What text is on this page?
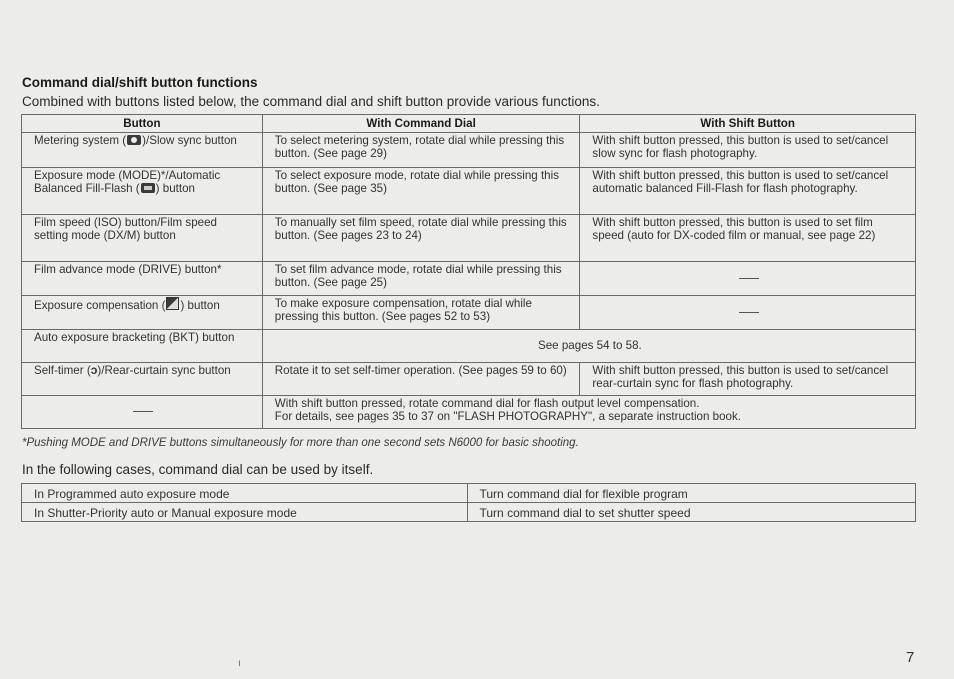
Command dial/shift button functions
Combined with buttons listed below, the command dial and shift button provide various functions.
Button	With Command Dial	With Shift Button
Metering system ( )/Slow sync button	To select metering system, rotate dial while pressing this button. (See page 29)	With shift button pressed, this button is used to set/cancel slow sync for flash photography.
Exposure mode (MODE)*/Automatic Balanced Fill-Flash ( ) button	To select exposure mode, rotate dial while pressing this button. (See page 35)	With shift button pressed, this button is used to set/cancel automatic balanced Fill-Flash for flash photography.
Film speed (ISO) button/Film speed setting mode (DX/M) button	To manually set film speed, rotate dial while pressing this button. (See pages 23 to 24)	With shift button pressed, this button is used to set film speed (auto for DX-coded film or manual, see page 22)
Film advance mode (DRIVE) button*	To set film advance mode, rotate dial while pressing this button. (See page 25)	
Exposure compensation ( ) button	To make exposure compensation, rotate dial while pressing this button. (See pages 52 to 53)	
Auto exposure bracketing (BKT) button	See pages 54 to 58.	
Self-timer (ᴐ)/Rear-curtain sync button	Rotate it to set self-timer operation. (See pages 59 to 60)	With shift button pressed, this button is used to set/cancel rear-curtain sync for flash photography.

	With shift button pressed, rotate command dial for flash output level compensation.
For details, see pages 35 to 37 on "FLASH PHOTOGRAPHY", a separate instruction book.	
*Pushing MODE and DRIVE buttons simultaneously for more than one second sets N6000 for basic shooting.
In the following cases, command dial can be used by itself.
In Programmed auto exposure mode	Turn command dial for flexible program
In Shutter-Priority auto or Manual exposure mode	Turn command dial to set shutter speed
ı	7
